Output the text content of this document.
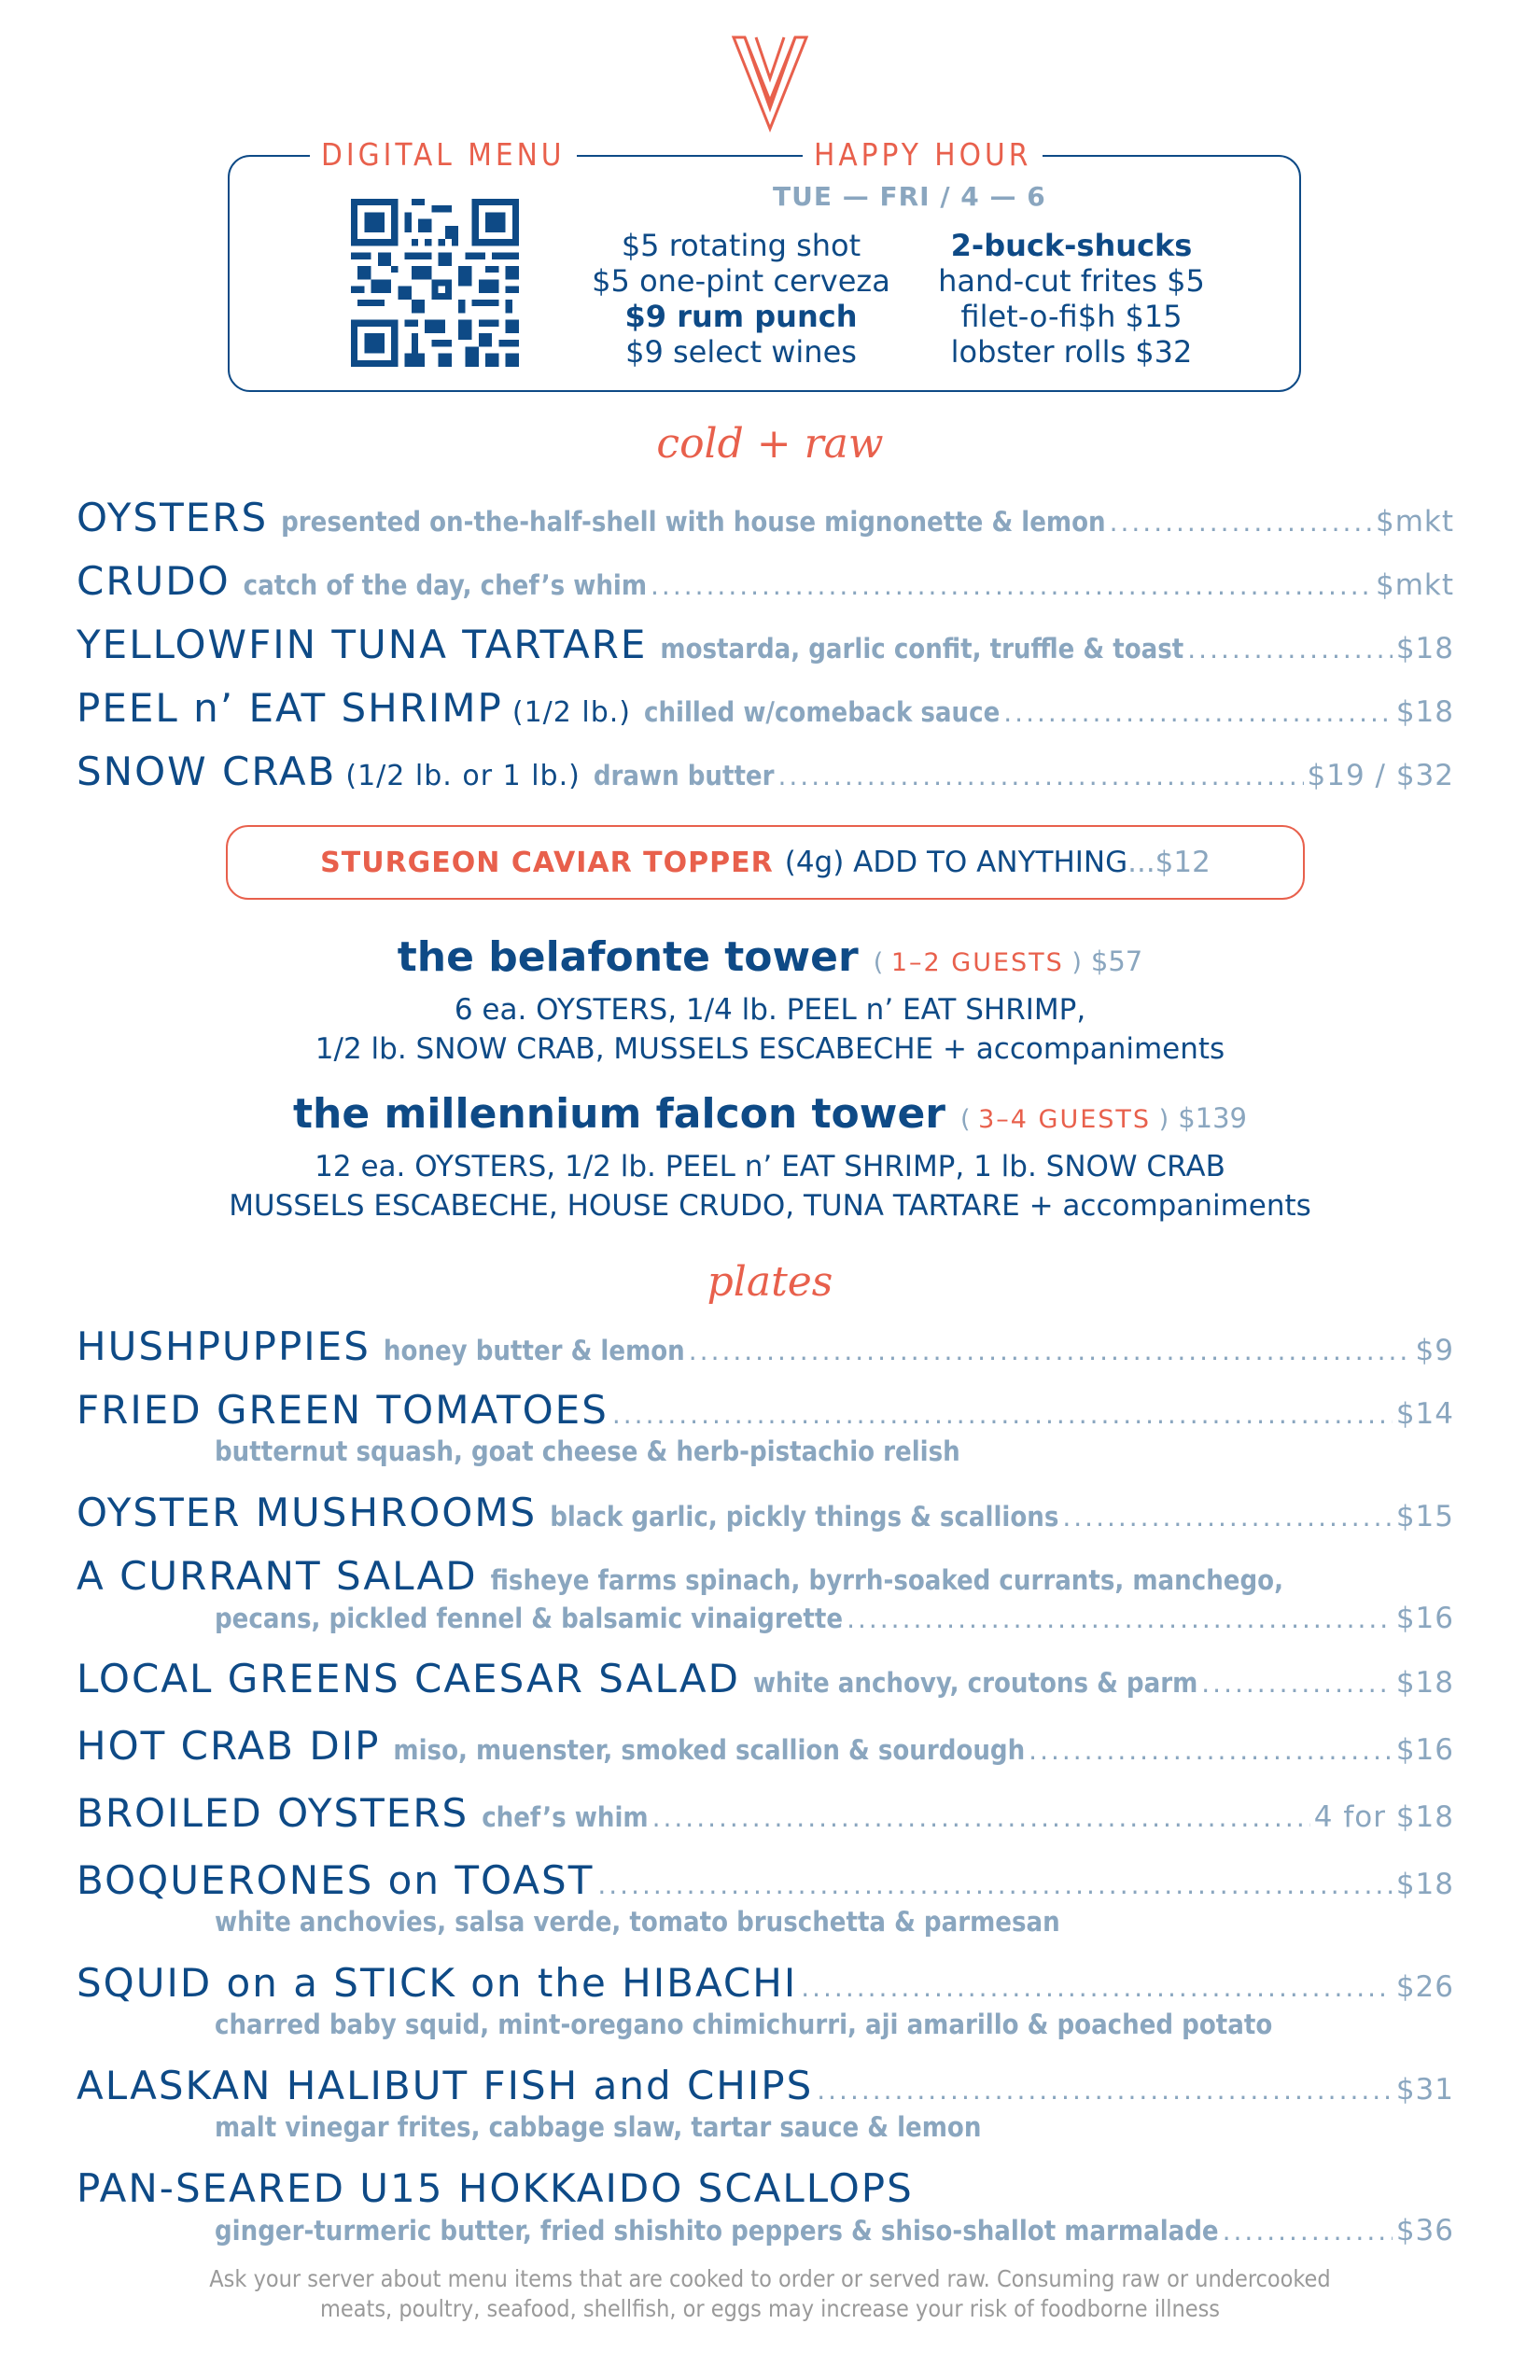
DIGITAL MENU	HAPPY HOUR
TUE — FRI / 4 — 6
$5 rotating shot
$5 one-pint cerveza
$9 rum punch
$9 select wines
2-buck-shucks
hand-cut frites $5
filet-o-fi$h $15
lobster rolls $32
cold + raw
OYSTERS presented on-the-half-shell with house mignonette & lemon .....	$mkt
CRUDO catch of the day, chef’s whim .....	$mkt
YELLOWFIN TUNA TARTARE mostarda, garlic confit, truffle & toast .....	$18
PEEL n’ EAT SHRIMP (1/2 lb.) chilled w/comeback sauce .....	$18
SNOW CRAB (1/2 lb. or 1 lb.) drawn butter .....	$19 / $32
STURGEON CAVIAR TOPPER (4g) ADD TO ANYTHING ...$12
the belafonte tower ( 1–2 GUESTS ) $57
6 ea. OYSTERS, 1/4 lb. PEEL n’ EAT SHRIMP,
1/2 lb. SNOW CRAB, MUSSELS ESCABECHE + accompaniments
the millennium falcon tower ( 3–4 GUESTS ) $139
12 ea. OYSTERS, 1/2 lb. PEEL n’ EAT SHRIMP, 1 lb. SNOW CRAB
MUSSELS ESCABECHE, HOUSE CRUDO, TUNA TARTARE + accompaniments
plates
HUSHPUPPIES honey butter & lemon .....	$9
FRIED GREEN TOMATOES .....	$14
butternut squash, goat cheese & herb-pistachio relish
OYSTER MUSHROOMS black garlic, pickly things & scallions .....	$15
A CURRANT SALAD fisheye farms spinach, byrrh-soaked currants, manchego,
pecans, pickled fennel & balsamic vinaigrette .....	$16
LOCAL GREENS CAESAR SALAD white anchovy, croutons & parm .....	$18
HOT CRAB DIP miso, muenster, smoked scallion & sourdough .....	$16
BROILED OYSTERS chef’s whim .....	4 for $18
BOQUERONES on TOAST .....	$18
white anchovies, salsa verde, tomato bruschetta & parmesan
SQUID on a STICK on the HIBACHI .....	$26
charred baby squid, mint-oregano chimichurri, aji amarillo & poached potato
ALASKAN HALIBUT FISH and CHIPS .....	$31
malt vinegar frites, cabbage slaw, tartar sauce & lemon
PAN-SEARED U15 HOKKAIDO SCALLOPS
ginger-turmeric butter, fried shishito peppers & shiso-shallot marmalade .....	$36
Ask your server about menu items that are cooked to order or served raw. Consuming raw or undercooked
meats, poultry, seafood, shellfish, or eggs may increase your risk of foodborne illness
